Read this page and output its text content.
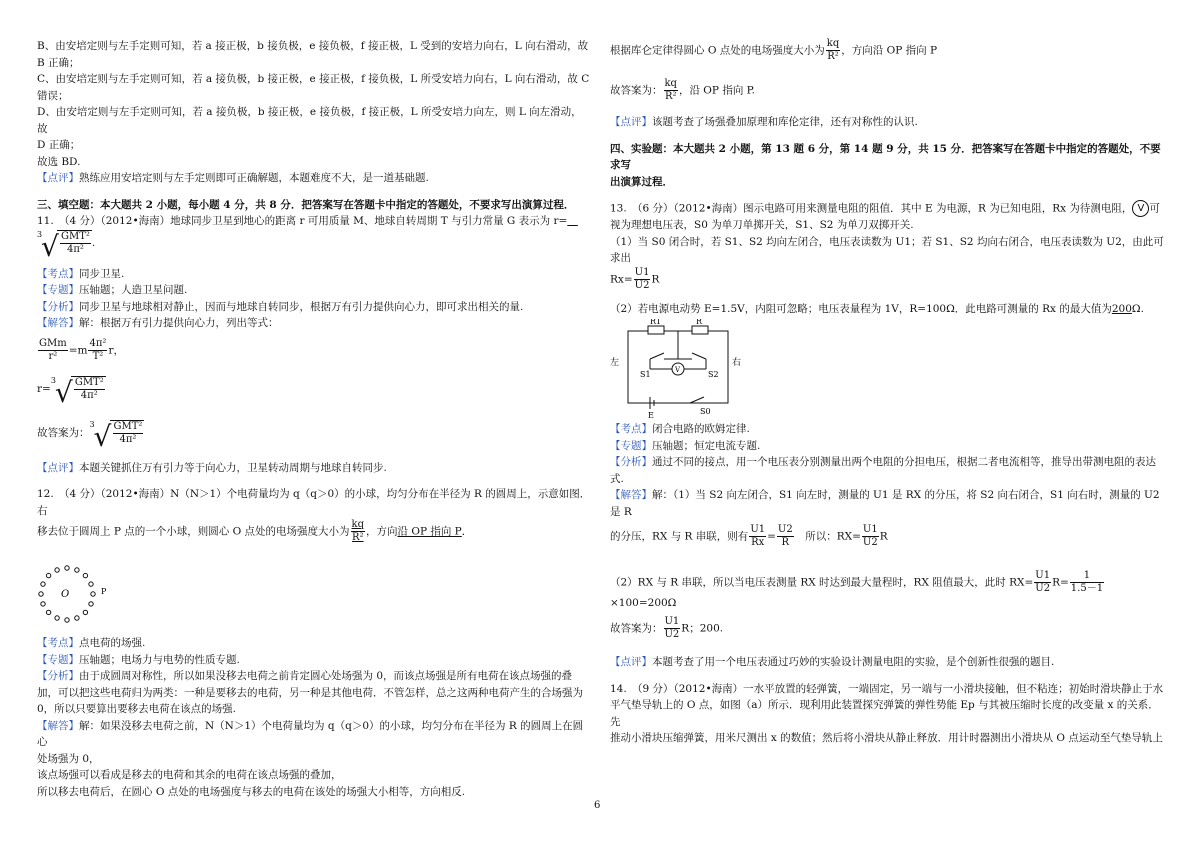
B、由安培定则与左手定则可知，若 a 接正极，b 接负极，e 接负极，f 接正极，L 受到的安培力向右，L 向右滑动，故

B 正确；

C、由安培定则与左手定则可知，若 a 接负极，b 接正极，e 接正极，f 接负极，L 所受安培力向右，L 向右滑动，故 C

错误；

D、由安培定则与左手定则可知，若 a 接负极，b 接正极，e 接负极，f 接正极，L 所受安培力向左，则 L 向左滑动，故

D 正确；

故选 BD.

【点评】熟练应用安培定则与左手定则即可正确解题，本题难度不大，是一道基础题.

三、填空题：本大题共 2 小题，每小题 4 分，共 8 分．把答案写在答题卡中指定的答题处，不要求写出演算过程．

11.　（4 分）（2012•海南）地球同步卫星到地心的距离 r 可用质量 M、地球自转周期 T 与引力常量 G 表示为 r=　

3
√ $\frac{\text{GMT²}}{\text{4π²}}$ .

【考点】同步卫星.

【专题】压轴题；人造卫星问题.

【分析】同步卫星与地球相对静止，因而与地球自转同步，根据万有引力提供向心力，即可求出相关的量.

【解答】解：根据万有引力提供向心力，列出等式：

$\frac{\text{GMm}}{\text{r²}} =m \frac{\text{4π²}}{\text{T²}}$ r，
r=
3
√ $\frac{\text{GMT²}}{\text{4π²}}$
故答案为：
3
√ $\frac{\text{GMT²}}{\text{4π²}}$

【点评】本题关键抓住万有引力等于向心力，卫星转动周期与地球自转同步.

12.　（4 分）（2012•海南）N（N＞1）个电荷量均为 q（q＞0）的小球，均匀分布在半径为 R 的圆周上，示意如图．右

移去位于圆周上 P 点的一个小球，则圆心 O 点处的电场强度大小为 $\frac{kq}{\text{R²}}$ ，方向沿 OP 指向 P．
O	P

【考点】点电荷的场强.

【专题】压轴题；电场力与电势的性质专题.

【分析】由于成圆周对称性，所以如果没移去电荷之前肯定圆心处场强为 0，而该点场强是所有电荷在该点场强的叠

加，可以把这些电荷归为两类：一种是要移去的电荷，另一种是其他电荷．不管怎样，总之这两种电荷产生的合场强为

0，所以只要算出要移去电荷在该点的场强.

【解答】解：如果没移去电荷之前，N（N＞1）个电荷量均为 q（q＞0）的小球，均匀分布在半径为 R 的圆周上在圆心

处场强为 0，

该点场强可以看成是移去的电荷和其余的电荷在该点场强的叠加，

所以移去电荷后，在圆心 O 点处的电场强度与移去的电荷在该处的场强大小相等，方向相反.

根据库仑定律得圆心 O 点处的电场强度大小为 $\frac{kq}{\text{R²}}$ ，方向沿 OP 指向 P
故答案为： $\frac{kq}{\text{R²}}$ ，沿 OP 指向 P.

【点评】该题考查了场强叠加原理和库伦定律，还有对称性的认识.

四、实验题：本大题共 2 小题，第 13 题 6 分，第 14 题 9 分，共 15 分．把答案写在答题卡中指定的答题处，不要求写

出演算过程．

13.　（6 分）（2012•海南）图示电路可用来测量电阻的阻值．其中 E 为电源，R 为已知电阻，Rx 为待测电阻， V 可

视为理想电压表，S0 为单刀单掷开关，S1、S2 为单刀双掷开关.

（1）当 S0 闭合时，若 S1、S2 均向左闭合，电压表读数为 U1；若 S1、S2 均向右闭合，电压表读数为 U2，由此可求出

$Rx= \frac{U1}{U2}$ R

（2）若电源电动势 E=1.5V，内阻可忽略；电压表量程为 1V，R=100Ω．此电路可测量的 Rx 的最大值为200Ω.

R1	R
左	右
S1	S2
V
E	S0

【考点】闭合电路的欧姆定律.

【专题】压轴题；恒定电流专题.

【分析】通过不同的接点，用一个电压表分别测量出两个电阻的分担电压，根据二者电流相等，推导出带测电阻的表达

式.

【解答】解：（1）当 S2 向左闭合，S1 向左时，测量的 U1 是 RX 的分压，将 S2 向右闭合，S1 向右时，测量的 U2 是 R

的分压，RX 与 R 串联，则有 $\frac{U1}{Rx} = \frac{U2}{R}$
　 所以：$RX= \frac{U1}{U2}$ R
（2）RX 与 R 串联，所以当电压表测量 RX 时达到最大量程时，RX 阻值最大，此时 $RX= \frac{U1}{U2} R= \frac{1}{1.5-1}$
×100=200Ω
故答案为： $\frac{U1}{U2}$ R；200.

【点评】本题考查了用一个电压表通过巧妙的实验设计测量电阻的实验，是个创新性很强的题目.

14.　（9 分）（2012•海南）一水平放置的轻弹簧，一端固定，另一端与一小滑块接触，但不粘连；初始时滑块静止于水

平气垫导轨上的 O 点，如图（a）所示．现利用此装置探究弹簧的弹性势能 Ep 与其被压缩时长度的改变量 x 的关系．先

推动小滑块压缩弹簧，用米尺测出 x 的数值；然后将小滑块从静止释放．用计时器测出小滑块从 O 点运动至气垫导轨上

6
